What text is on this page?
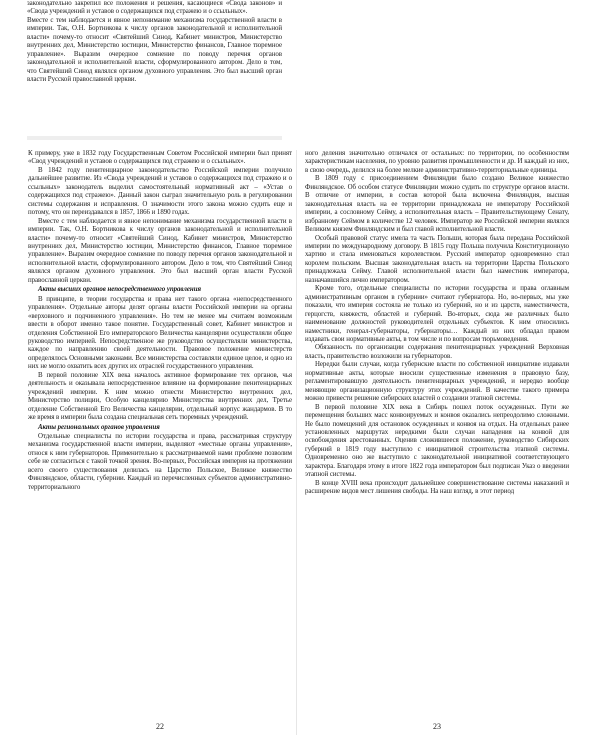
законодательно закрепил все положения и решения, касающиеся «Свода законов» и «Свода учреждений и уставов о содержащихся под стражею и о ссыльных».

Вместе с тем наблюдается и явное непонимание механизма государственной власти в империи. Так, О.Н. Бортникова к числу органов законодательной и исполнительной власти» почему-то относит «Святейший Синод, Кабинет министров, Министерство внутренних дел, Министерство юстиции, Министерство финансов, Главное тюремное управление». Выразим очередное сомнение по поводу перечня органов законодательной и исполнительной власти, сформулированного автором. Дело в том, что Святейший Синод являлся органом духовного управления. Это был высший орган власти Русской православной церкви.

К примеру, уже в 1832 году Государственным Советом Российской империи был принят «Свод учреждений и уставов о содержащихся под стражею и о ссыльных».

В 1842 году пенитенциарное законодательство Российской империи получило дальнейшее развитие. Из «Свода учреждений и уставов о содержащихся под стражею и о ссыльных» законодатель выделил самостоятельный нормативный акт – «Устав о содержащихся под стражею». Данный закон сыграл значительную роль в регулировании системы содержания и исправления. О значимости этого закона можно судить еще и потому, что он переиздавался в 1857, 1866 и 1890 годах.

Вместе с тем наблюдается и явное непонимание механизма государственной власти в империи. Так, О.Н. Бортникова к числу органов законодательной и исполнительной власти» почему-то относит «Святейший Синод, Кабинет министров, Министерство внутренних дел, Министерство юстиции, Министерство финансов, Главное тюремное управление». Выразим очередное сомнение по поводу перечня органов законодательной и исполнительной власти, сформулированного автором. Дело в том, что Святейший Синод являлся органом духовного управления. Это был высший орган власти Русской православной церкви.

Акты высших органов непосредственного управления

В принципе, в теории государства и права нет такого органа «непосредственного управления». Отдельные авторы делят органы власти Российской империи на органы «верховного и подчиненного управления». Но тем не менее мы считаем возможным ввести в оборот именно такое понятие. Государственный совет, Кабинет министров и отделения Собственной Его императорского Величества канцелярии осуществляли общее руководство империей. Непосредственное же руководство осуществляли министерства, каждое по направлению своей деятельности. Правовое положение министерств определялось Основными законами. Все министерства составляли единое целое, и одно из них не могло охватить всех других их отраслей государственного управления.

В первой половине XIX века началось активное формирование тех органов, чья деятельность и оказывала непосредственное влияние на формирование пенитенциарных учреждений империи. К ним можно отнести Министерство внутренних дел, Министерство полиции, Особую канцелярию Министерства внутренних дел, Третье отделение Собственной Его Величества канцелярии, отдельный корпус жандармов. В то же время в империи была создана специальная сеть тюремных учреждений.

Акты региональных органов управления

Отдельные специалисты по истории государства и права, рассматривая структуру механизма государственной власти империи, выделяют «местные органы управления», относя к ним губернаторов. Применительно к рассматриваемой нами проблеме позволим себе не согласиться с такой точкой зрения. Во-первых, Российская империя на протяжении всего своего существования делилась на Царство Польское, Великое княжество Финляндское, области, губернии. Каждый из перечисленных субъектов административно-территориального

22

ного деления значительно отличался от остальных: по территории, по особенностям характеристикам населения, по уровню развития промышленности и др. И каждый из них, в свою очередь, делился на более мелкие административно-территориальные единицы.

В 1809 году с присоединением Финляндии было создано Великое княжество Финляндское. Об особом статусе Финляндии можно судить по структуре органов власти. В отличие от империи, в состав которой была включена Финляндия, высшая законодательная власть на ее территории принадлежала не императору Российской империи, а сословному Сейму, а исполнительная власть – Правительствующему Сенату, избранному Сеймом в количестве 12 человек. Император же Российской империи являлся Великим князем Финляндским и был главой исполнительной власти.

Особый правовой статус имела та часть Польши, которая была передана Российской империи по международному договору. В 1815 году Польша получила Конституционную хартию и стала именоваться королевством. Русский император одновременно стал королем польским. Высшая законодательная власть на территории Царства Польского принадлежала Сейму. Главой исполнительной власти был наместник императора, назначавшийся лично императором.

Кроме того, отдельные специалисты по истории государства и права оглавным административным органом в губернии» считают губернатора. Но, во-первых, мы уже показали, что империя состояла не только из губерний, но и из царств, наместничеств, герцогств, княжеств, областей и губерний. Во-вторых, сюда же различных было наименование должностей руководителей отдельных субъектов. К ним относились наместники, генерал-губернаторы, губернаторы… Каждый из них обладал правом издавать свои нормативные акты, в том числе и по вопросам тюрьмоведения.

Обязанность по организации содержания пенитенциарных учреждений Верховная власть, правительство возложили на губернаторов.

Нередки были случаи, когда губернские власти по собственной инициативе издавали нормативные акты, которые вносили существенные изменения в правовую базу, регламентировавшую деятельность пенитенциарных учреждений, и нередко вообще меняющие организационную структуру этих учреждений. В качестве такого примера можно привести решение сибирских властей о создании этапной системы.

В первой половине XIX века в Сибирь пошел поток осужденных. Пути же перемещения больших масс конвоируемых и конвоя оказались непреодолимо сложными. Не было помещений для остановок осужденных и конвоя на отдых. На отдельных ранее установленных маршрутах нередкими были случаи нападения на конвой для освобождения арестованных. Оценив сложившееся положение, руководство Сибирских губерний в 1819 году выступило с инициативой строительства этапной системы. Одновременно оно же выступило с законодательной инициативой соответствующего характера. Благодаря этому в итоге 1822 года императором был подписан Указ о введении этапной системы.

В конце XVIII века происходит дальнейшее совершенствование системы наказаний и расширение видов мест лишения свободы. На наш взгляд, в этот период

23
